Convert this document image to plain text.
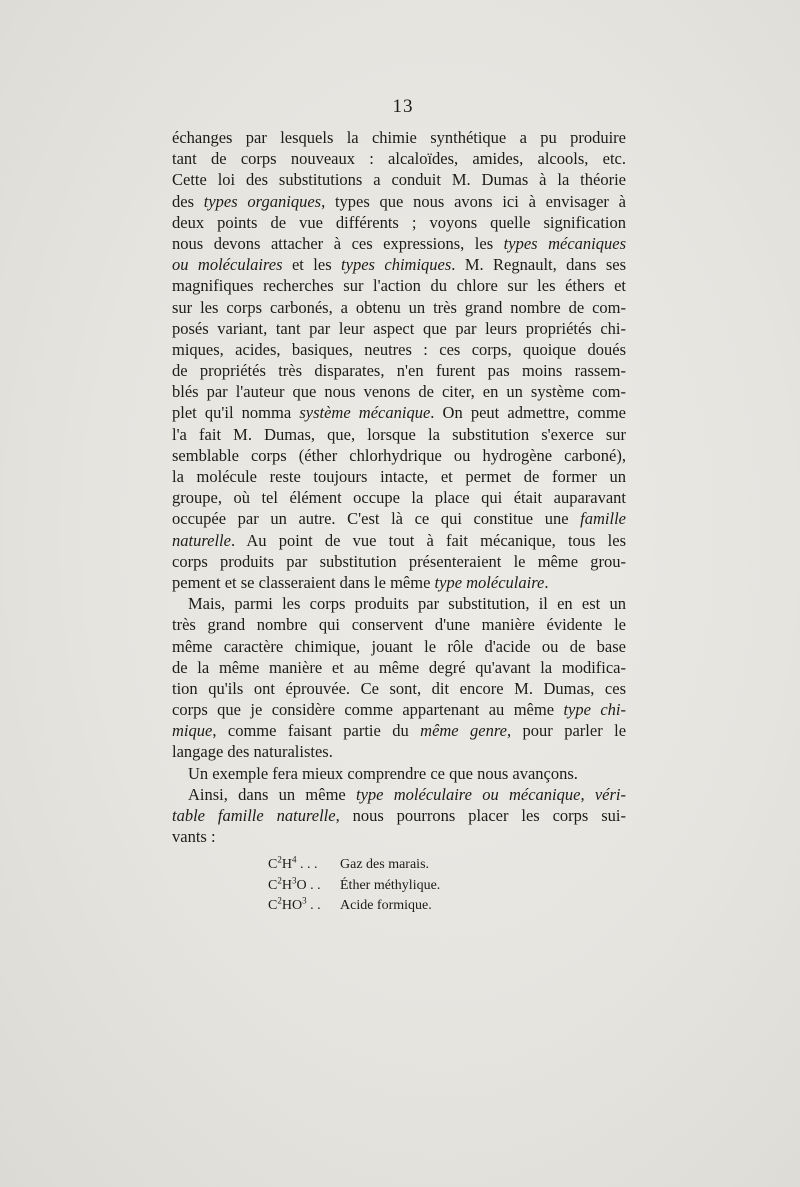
13
échanges par lesquels la chimie synthétique a pu produire
tant de corps nouveaux : alcaloïdes, amides, alcools, etc.
Cette loi des substitutions a conduit M. Dumas à la théorie
des types organiques, types que nous avons ici à envisager à
deux points de vue différents ; voyons quelle signification
nous devons attacher à ces expressions, les types mécaniques
ou moléculaires et les types chimiques. M. Regnault, dans ses
magnifiques recherches sur l'action du chlore sur les éthers et
sur les corps carbonés, a obtenu un très grand nombre de com-
posés variant, tant par leur aspect que par leurs propriétés chi-
miques, acides, basiques, neutres : ces corps, quoique doués
de propriétés très disparates, n'en furent pas moins rassem-
blés par l'auteur que nous venons de citer, en un système com-
plet qu'il nomma système mécanique. On peut admettre, comme
l'a fait M. Dumas, que, lorsque la substitution s'exerce sur
semblable corps (éther chlorhydrique ou hydrogène carboné),
la molécule reste toujours intacte, et permet de former un
groupe, où tel élément occupe la place qui était auparavant
occupée par un autre. C'est là ce qui constitue une famille
naturelle. Au point de vue tout à fait mécanique, tous les
corps produits par substitution présenteraient le même grou-
pement et se classeraient dans le même type moléculaire.
Mais, parmi les corps produits par substitution, il en est un
très grand nombre qui conservent d'une manière évidente le
même caractère chimique, jouant le rôle d'acide ou de base
de la même manière et au même degré qu'avant la modifica-
tion qu'ils ont éprouvée. Ce sont, dit encore M. Dumas, ces
corps que je considère comme appartenant au même type chi-
mique, comme faisant partie du même genre, pour parler le
langage des naturalistes.
Un exemple fera mieux comprendre ce que nous avançons.
Ainsi, dans un même type moléculaire ou mécanique, véri-
table famille naturelle, nous pourrons placer les corps sui-
vants :
$C^2H^4$ . . .	Gaz des marais.
$C^2H^3O$ . .	Éther méthylique.
$C^2HO^3$ . .	Acide formique.
